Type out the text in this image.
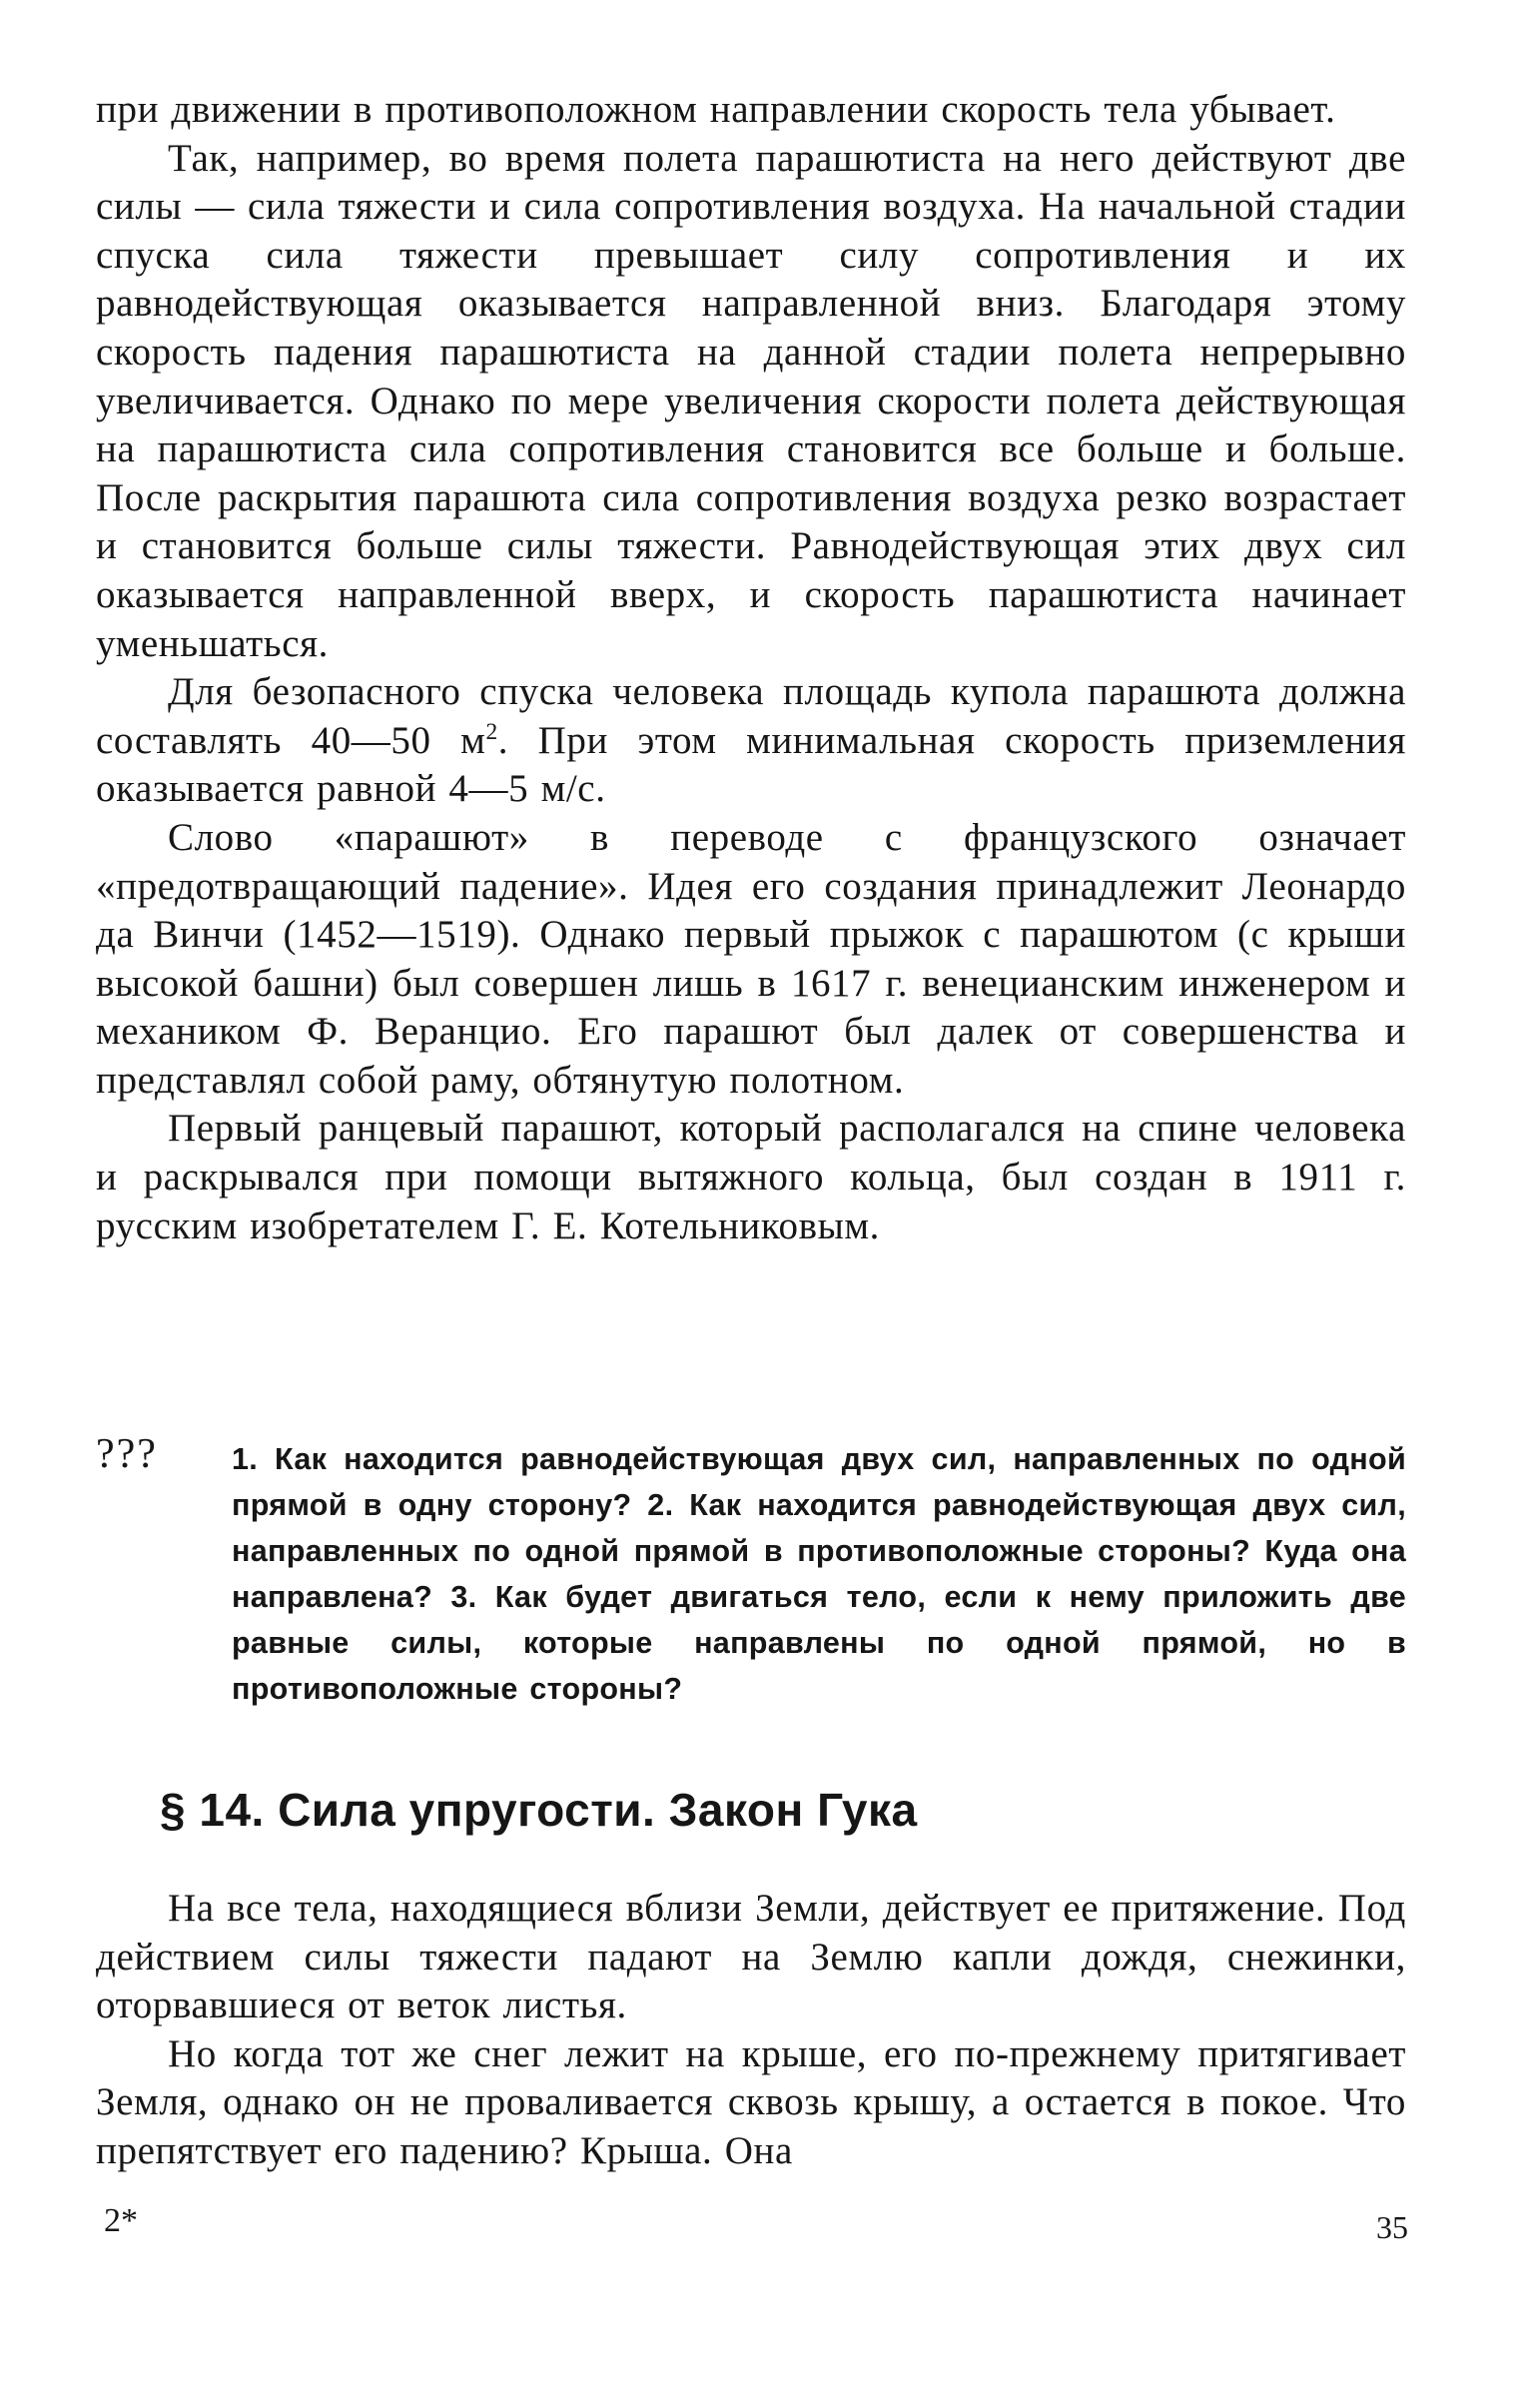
при движении в противоположном направлении скорость тела убывает.

Так, например, во время полета парашютиста на него действуют две силы — сила тяжести и сила сопротивления воздуха. На начальной стадии спуска сила тяжести превышает силу сопротивления и их равнодействующая оказывается направленной вниз. Благодаря этому скорость падения парашютиста на данной стадии полета непрерывно увеличивается. Однако по мере увеличения скорости полета действующая на парашютиста сила сопротивления становится все больше и больше. После раскрытия парашюта сила сопротивления воздуха резко возрастает и становится больше силы тяжести. Равнодействующая этих двух сил оказывается направленной вверх, и скорость парашютиста начинает уменьшаться.

Для безопасного спуска человека площадь купола парашюта должна составлять 40—50 $м^2$. При этом минимальная скорость приземления оказывается равной 4—5 м/с.

Слово «парашют» в переводе с французского означает «предотвращающий падение». Идея его создания принадлежит Леонардо да Винчи (1452—1519). Однако первый прыжок с парашютом (с крыши высокой башни) был совершен лишь в 1617 г. венецианским инженером и механиком Ф. Веранцио. Его парашют был далек от совершенства и представлял собой раму, обтянутую полотном.

Первый ранцевый парашют, который располагался на спине человека и раскрывался при помощи вытяжного кольца, был создан в 1911 г. русским изобретателем Г. Е. Котельниковым.

??? 1. Как находится равнодействующая двух сил, направленных по одной прямой в одну сторону? 2. Как находится равнодействующая двух сил, направленных по одной прямой в противоположные стороны? Куда она направлена? 3. Как будет двигаться тело, если к нему приложить две равные силы, которые направлены по одной прямой, но в противоположные стороны?
§ 14. Сила упругости. Закон Гука

На все тела, находящиеся вблизи Земли, действует ее притяжение. Под действием силы тяжести падают на Землю капли дождя, снежинки, оторвавшиеся от веток листья.

Но когда тот же снег лежит на крыше, его по-прежнему притягивает Земля, однако он не проваливается сквозь крышу, а остается в покое. Что препятствует его падению? Крыша. Она

2*	35
